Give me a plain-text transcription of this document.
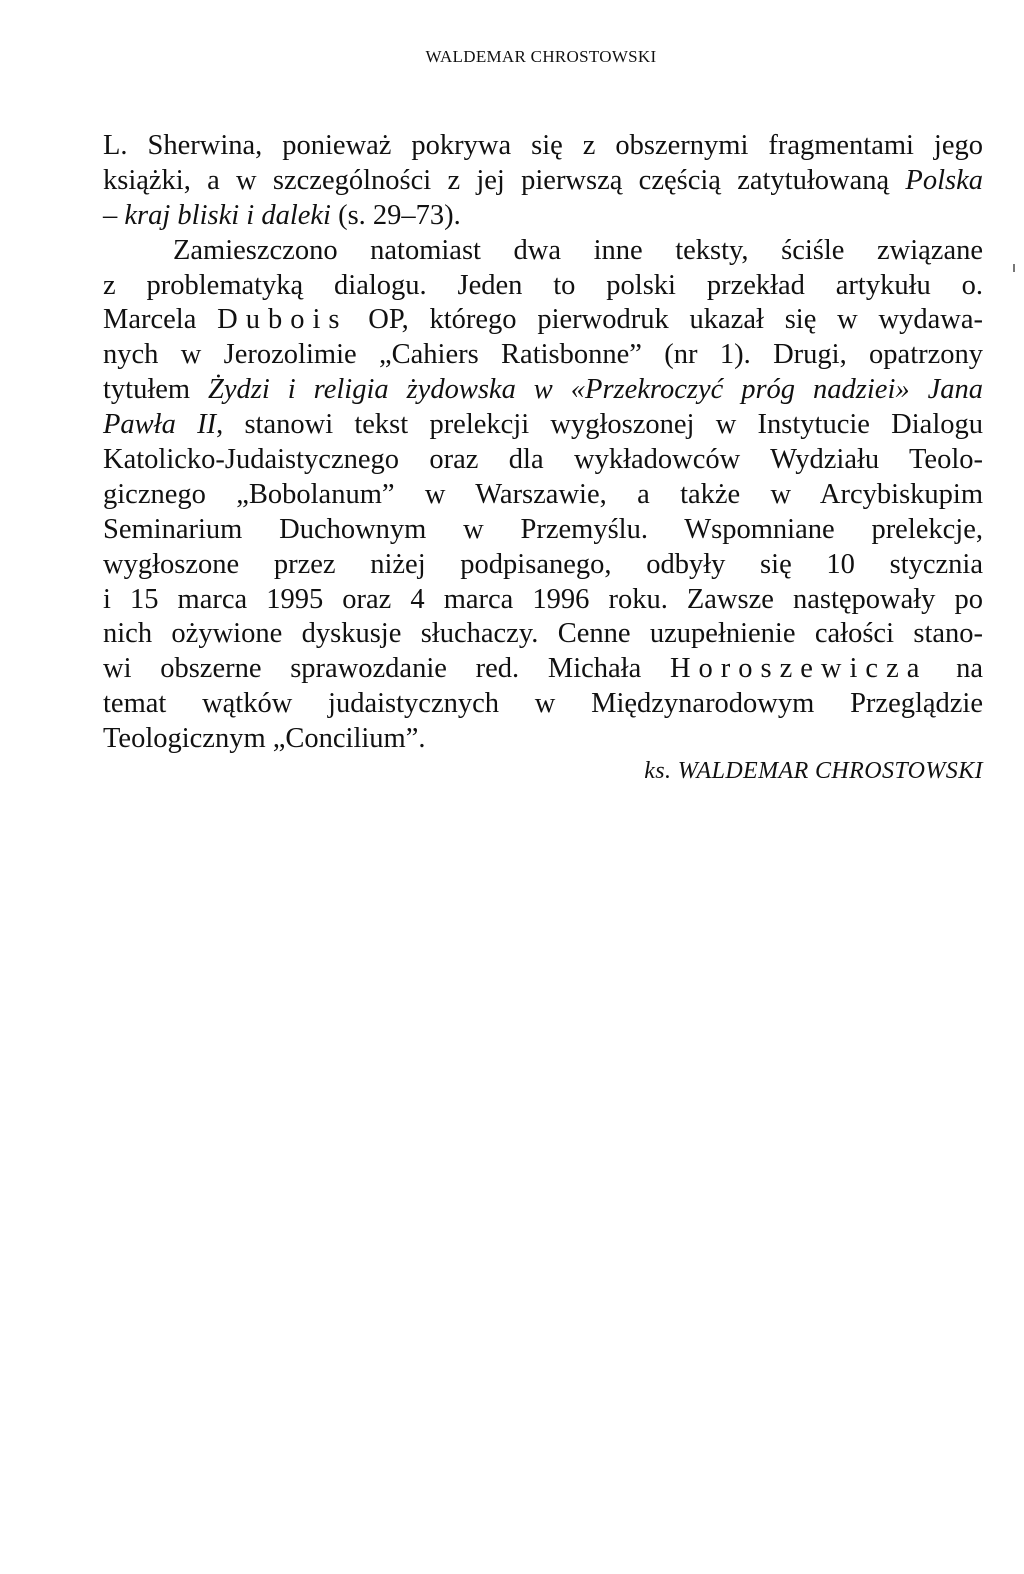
WALDEMAR CHROSTOWSKI
L. Sherwina, ponieważ pokrywa się z obszernymi fragmentami jego
książki, a w szczególności z jej pierwszą częścią zatytułowaną Polska
– kraj bliski i daleki (s. 29–73).
Zamieszczono natomiast dwa inne teksty, ściśle związane
z problematyką dialogu. Jeden to polski przekład artykułu o.
Marcela Dubois OP, którego pierwodruk ukazał się w wydawa-
nych w Jerozolimie „Cahiers Ratisbonne” (nr 1). Drugi, opatrzony
tytułem Żydzi i religia żydowska w «Przekroczyć próg nadziei» Jana
Pawła II, stanowi tekst prelekcji wygłoszonej w Instytucie Dialogu
Katolicko-Judaistycznego oraz dla wykładowców Wydziału Teolo-
gicznego „Bobolanum” w Warszawie, a także w Arcybiskupim
Seminarium Duchownym w Przemyślu. Wspomniane prelekcje,
wygłoszone przez niżej podpisanego, odbyły się 10 stycznia
i 15 marca 1995 oraz 4 marca 1996 roku. Zawsze następowały po
nich ożywione dyskusje słuchaczy. Cenne uzupełnienie całości stano-
wi obszerne sprawozdanie red. Michała Horoszewicza na
temat wątków judaistycznych w Międzynarodowym Przeglądzie
Teologicznym „Concilium”.
ks. WALDEMAR CHROSTOWSKI
